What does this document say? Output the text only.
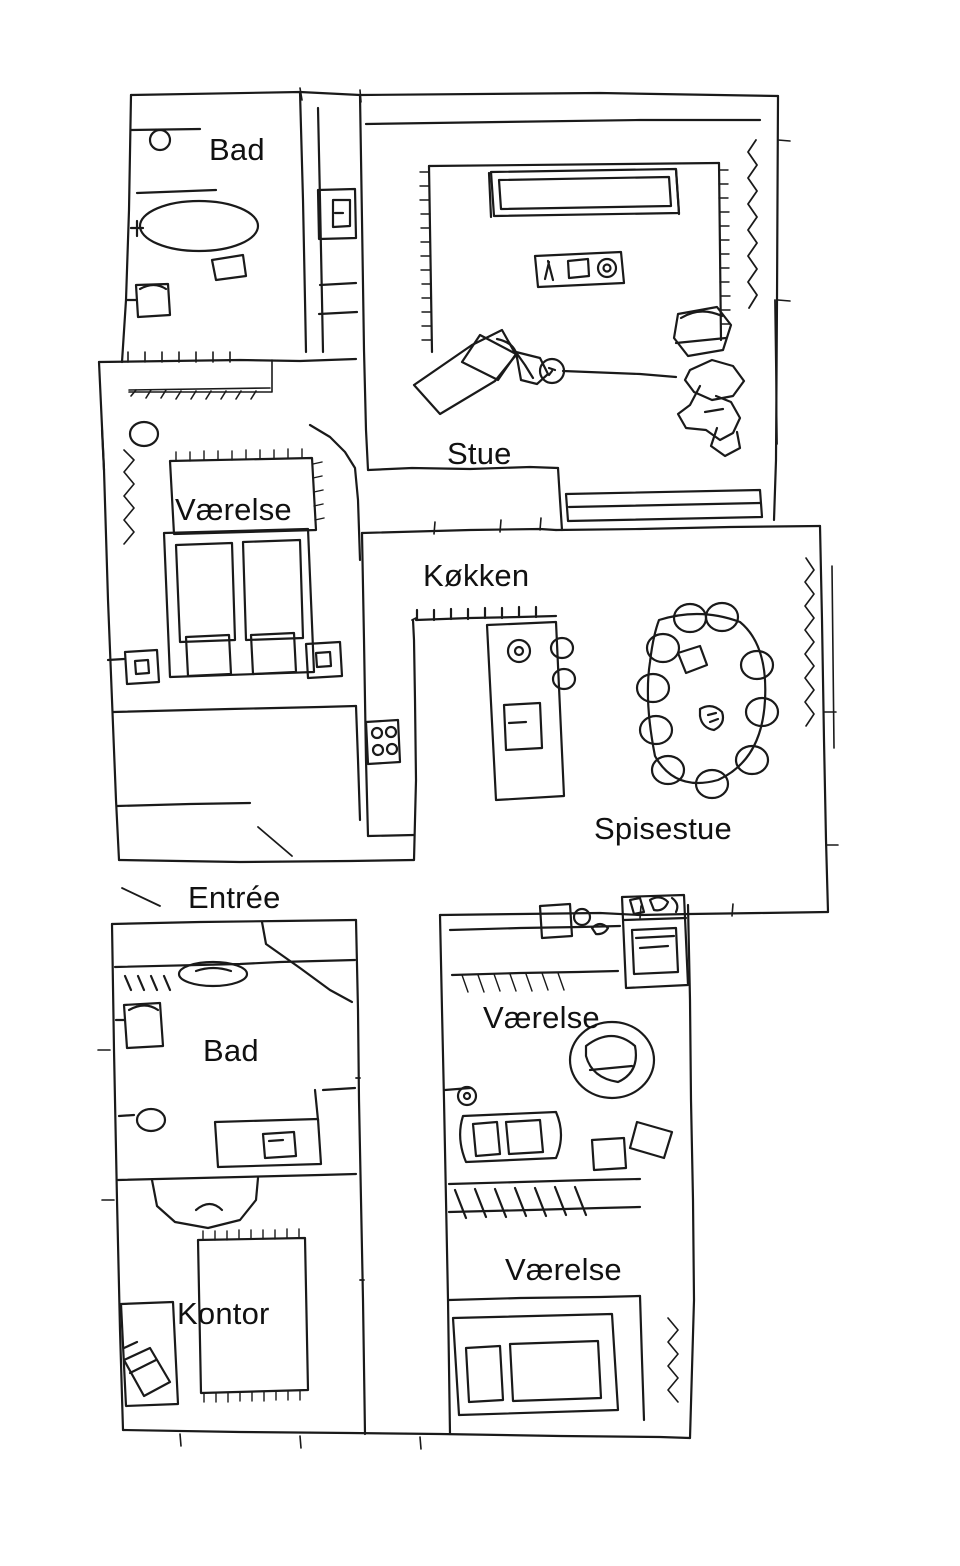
Bad
Stue
Værelse
Køkken
Spisestue
Entrée
Værelse
Bad
Værelse
Kontor
